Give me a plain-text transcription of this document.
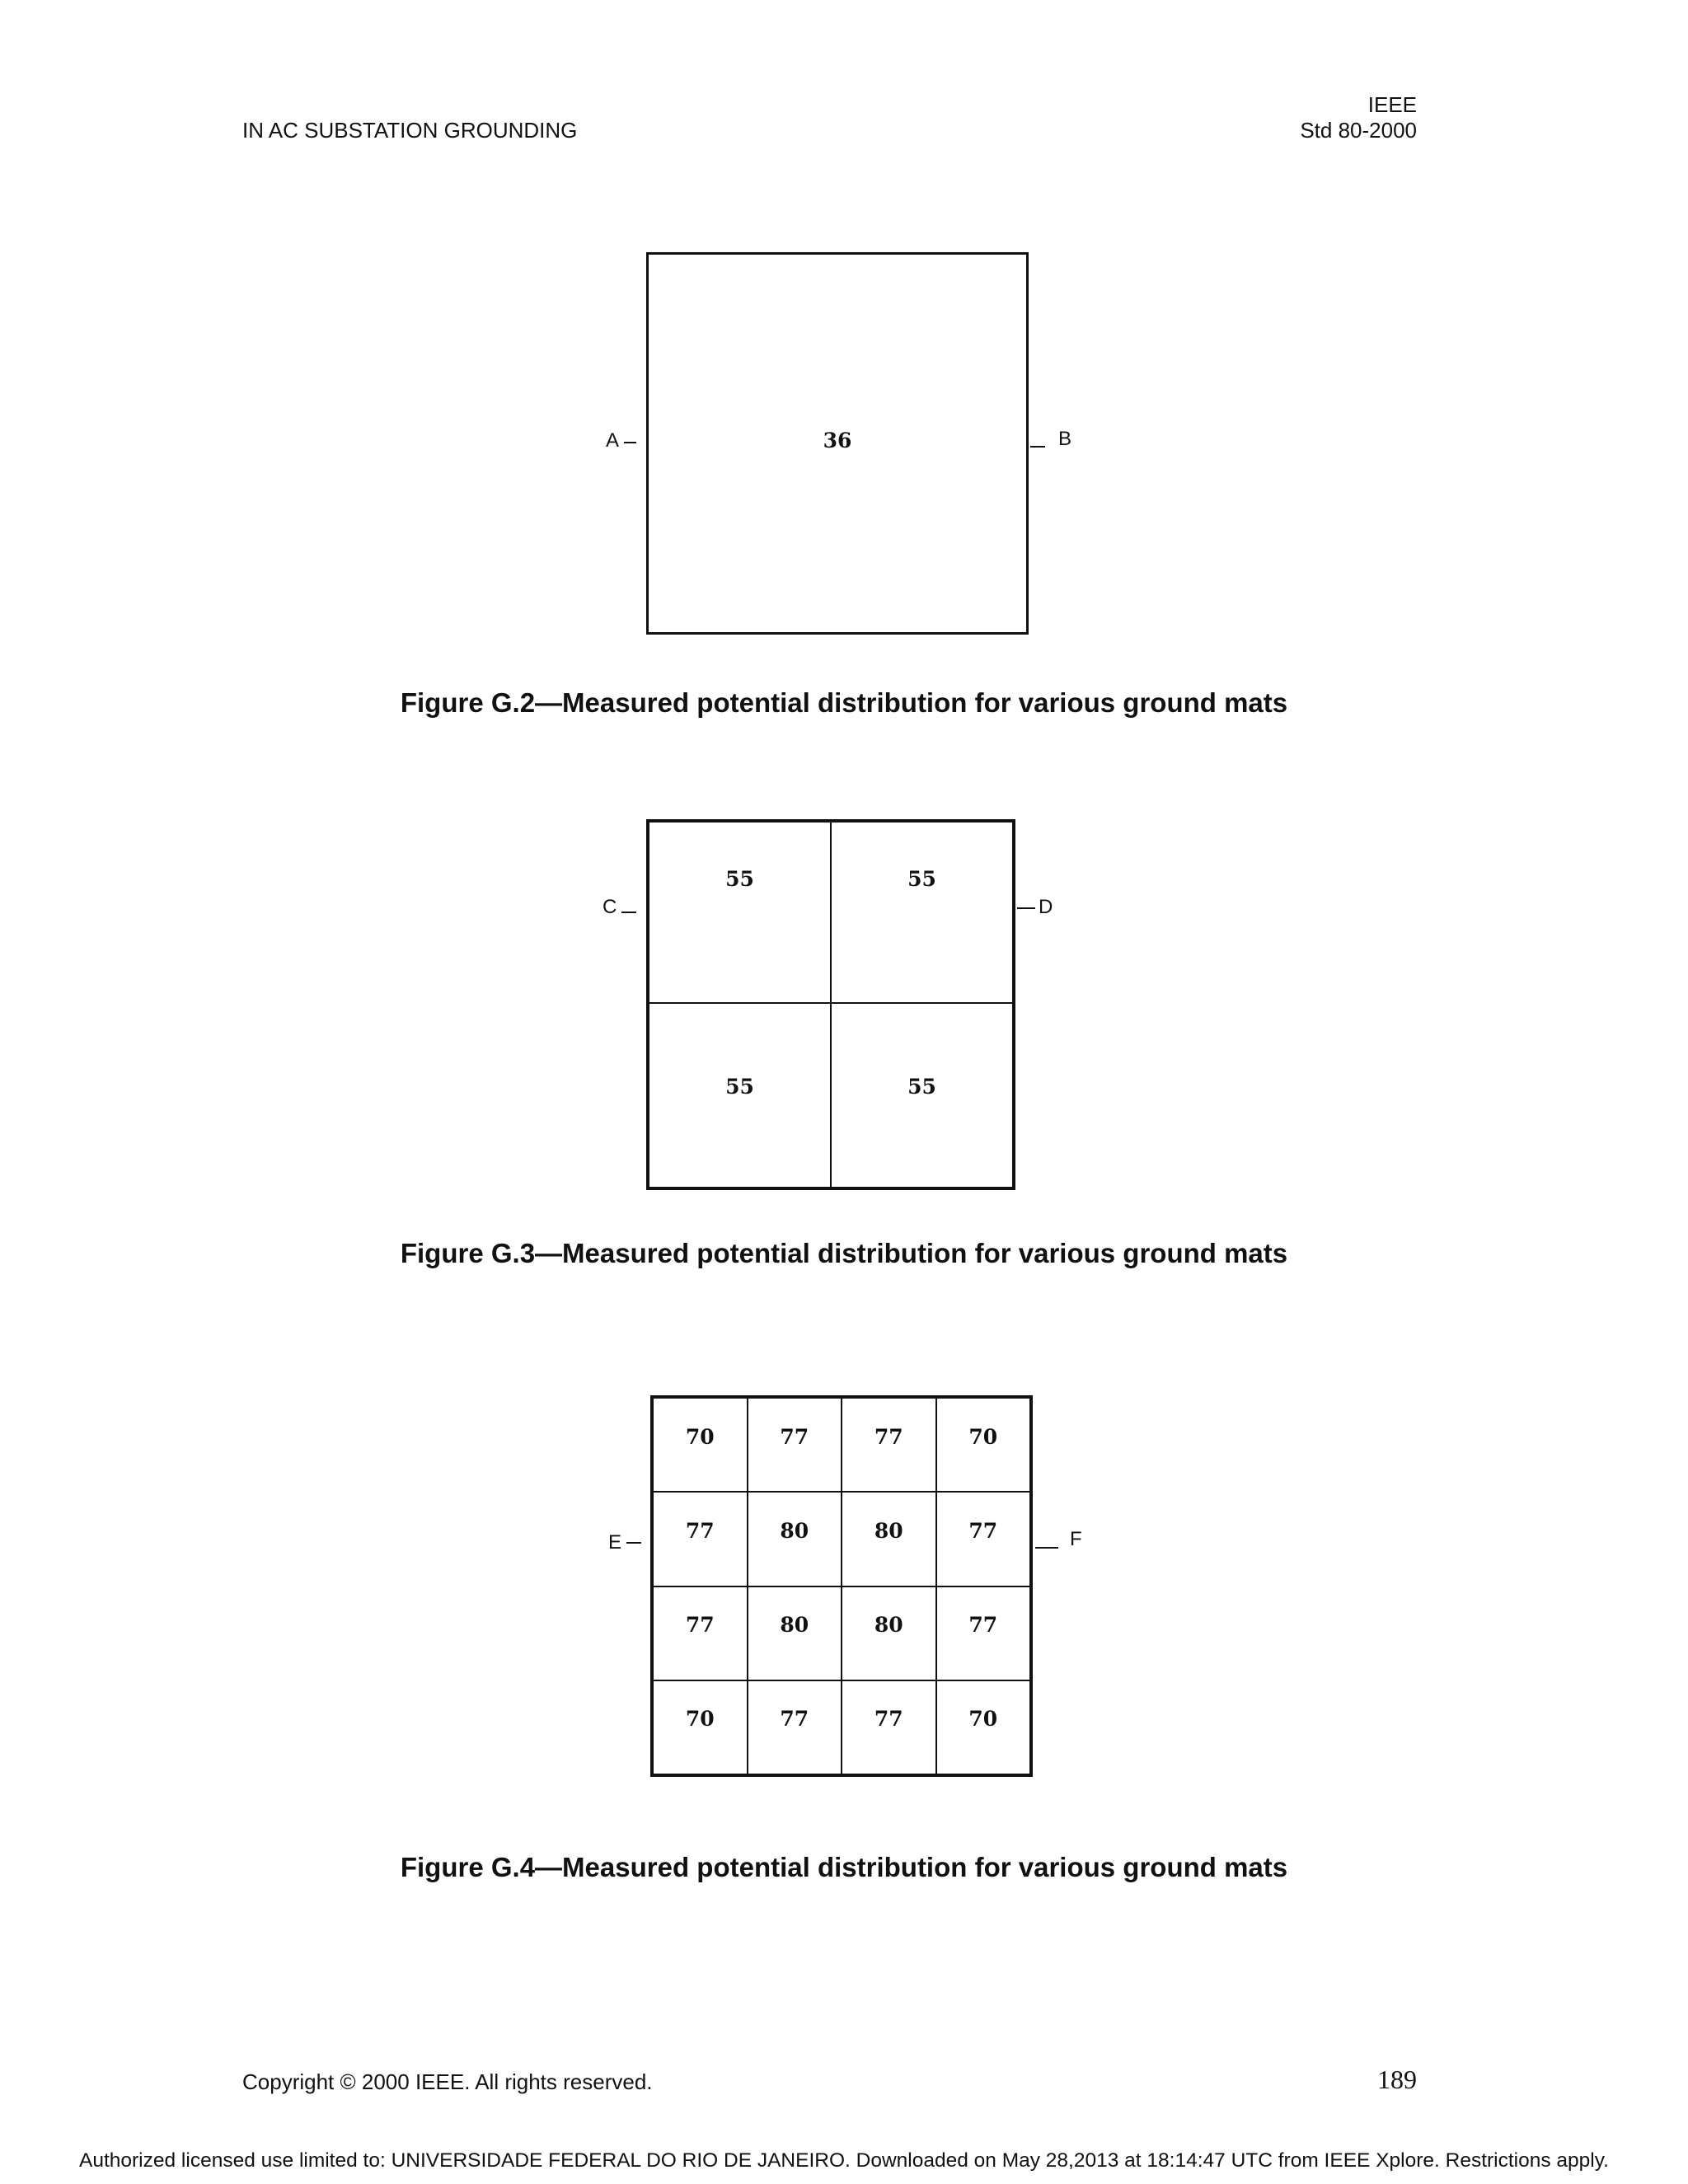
IN AC SUBSTATION GROUNDING
IEEE
Std 80-2000
36
A	B
Figure G.2—Measured potential distribution for various ground mats
55	55
55	55
C	D
Figure G.3—Measured potential distribution for various ground mats
70	77	77	70
77	80	80	77
77	80	80	77
70	77	77	70
E	F
Figure G.4—Measured potential distribution for various ground mats
Copyright © 2000 IEEE. All rights reserved.	189
Authorized licensed use limited to: UNIVERSIDADE FEDERAL DO RIO DE JANEIRO. Downloaded on May 28,2013 at 18:14:47 UTC from IEEE Xplore. Restrictions apply.
